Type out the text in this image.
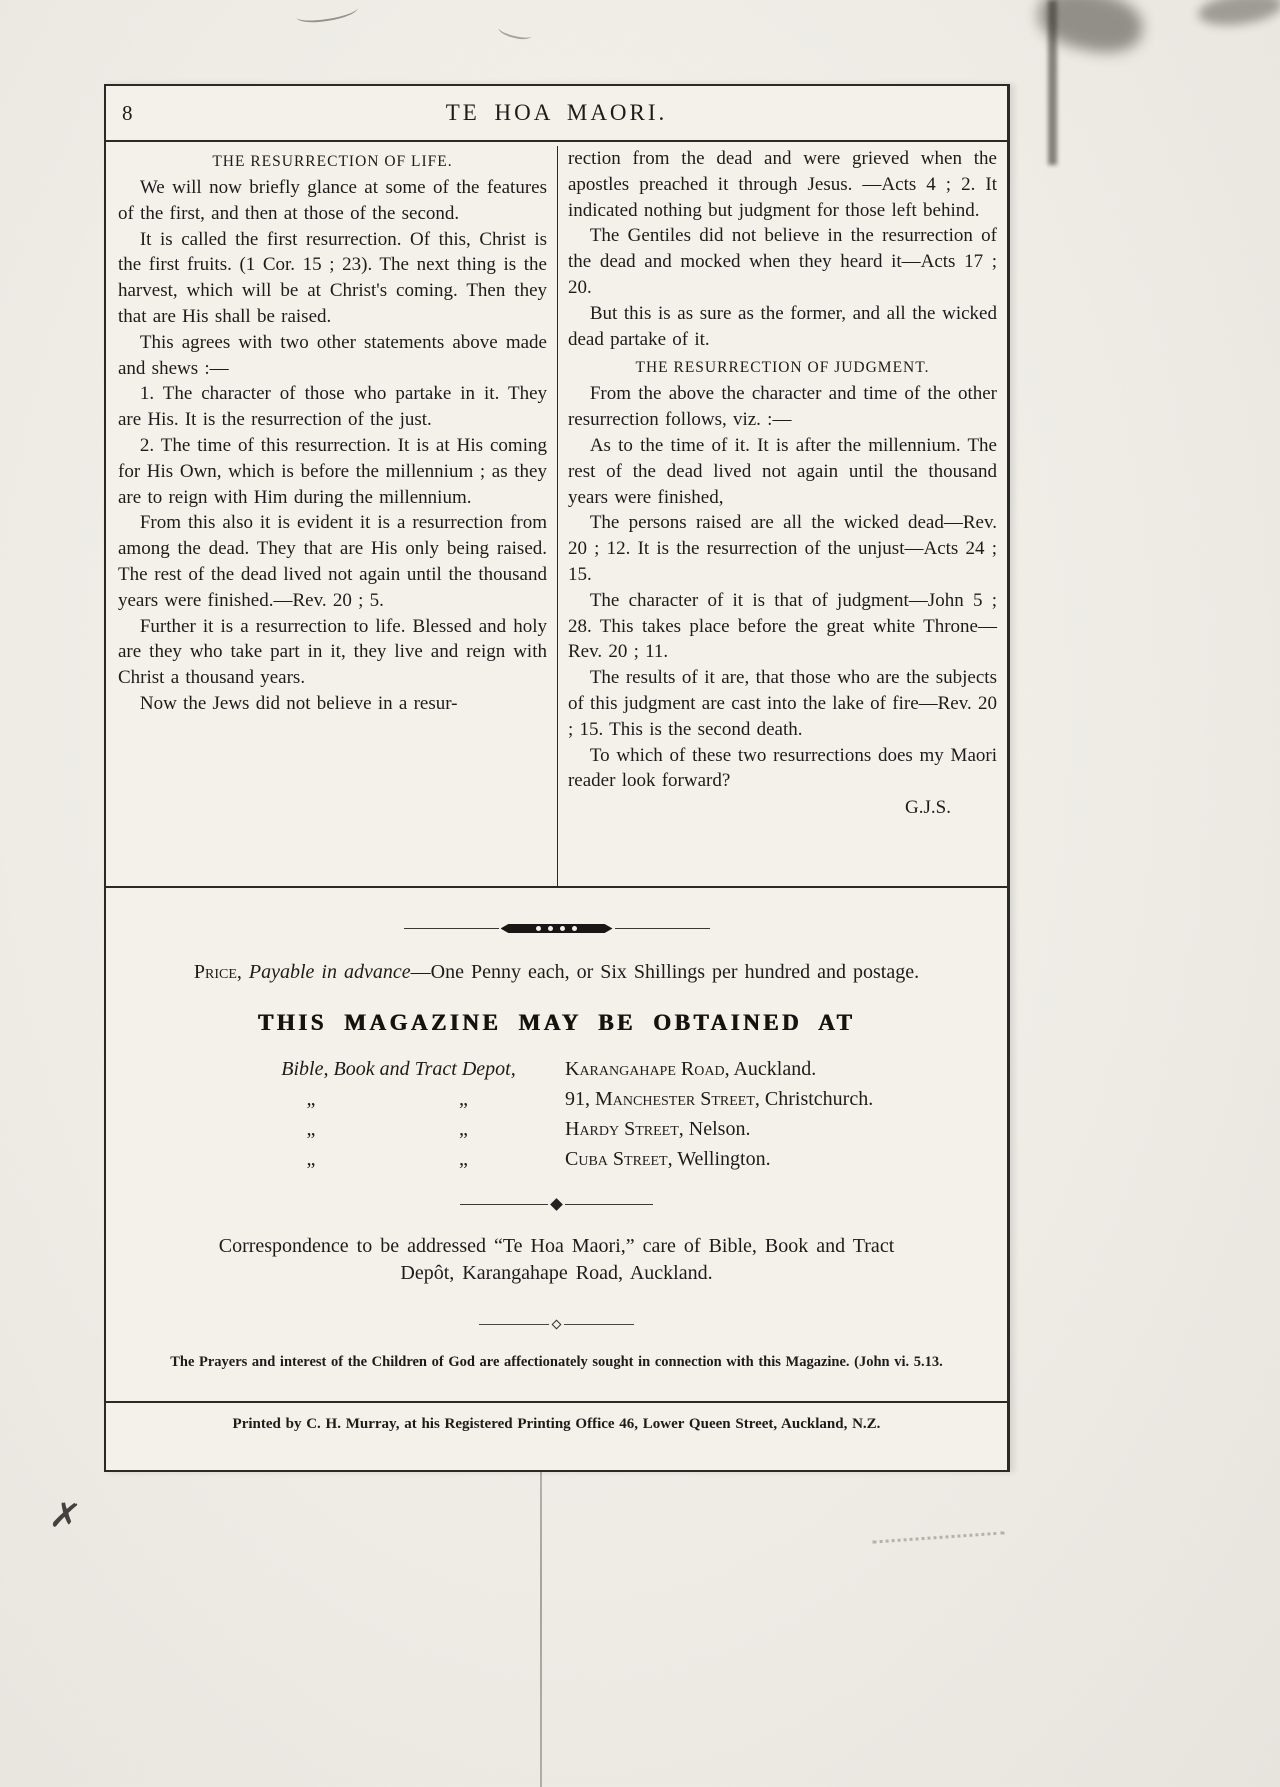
✗
8	TE HOA MAORI.
THE RESURRECTION OF LIFE.

We will now briefly glance at some of the features of the first, and then at those of the second.

It is called the first resurrection. Of this, Christ is the first fruits. (1 Cor. 15 ; 23). The next thing is the harvest, which will be at Christ's coming. Then they that are His shall be raised.

This agrees with two other statements above made and shews :—

1. The character of those who partake in it. They are His. It is the resurrection of the just.

2. The time of this resurrection. It is at His coming for His Own, which is before the millennium ; as they are to reign with Him during the millennium.

From this also it is evident it is a resurrection from among the dead. They that are His only being raised. The rest of the dead lived not again until the thousand years were finished.—Rev. 20 ; 5.

Further it is a resurrection to life. Blessed and holy are they who take part in it, they live and reign with Christ a thousand years.

Now the Jews did not believe in a resur-

rection from the dead and were grieved when the apostles preached it through Jesus. —Acts 4 ; 2. It indicated nothing but judgment for those left behind.

The Gentiles did not believe in the resurrection of the dead and mocked when they heard it—Acts 17 ; 20.

But this is as sure as the former, and all the wicked dead partake of it.

THE RESURRECTION OF JUDGMENT.

From the above the character and time of the other resurrection follows, viz. :—

As to the time of it. It is after the millennium. The rest of the dead lived not again until the thousand years were finished,

The persons raised are all the wicked dead—Rev. 20 ; 12. It is the resurrection of the unjust—Acts 24 ; 15.

The character of it is that of judgment—John 5 ; 28. This takes place before the great white Throne—Rev. 20 ; 11.

The results of it are, that those who are the subjects of this judgment are cast into the lake of fire—Rev. 20 ; 15. This is the second death.

To which of these two resurrections does my Maori reader look forward?

G.J.S.
Price, Payable in advance—One Penny each, or Six Shillings per hundred and postage.
THIS MAGAZINE MAY BE OBTAINED AT
Bible, Book and Tract Depot,	Karangahape Road, Auckland.
„	„	91, Manchester Street, Christchurch.
„	„	Hardy Street, Nelson.
„	„	Cuba Street, Wellington.
Correspondence to be addressed “Te Hoa Maori,” care of Bible, Book and Tract
Depôt, Karangahape Road, Auckland.
The Prayers and interest of the Children of God are affectionately sought in connection with this Magazine. (John vi. 5.13.
Printed by C. H. Murray, at his Registered Printing Office 46, Lower Queen Street, Auckland, N.Z.
